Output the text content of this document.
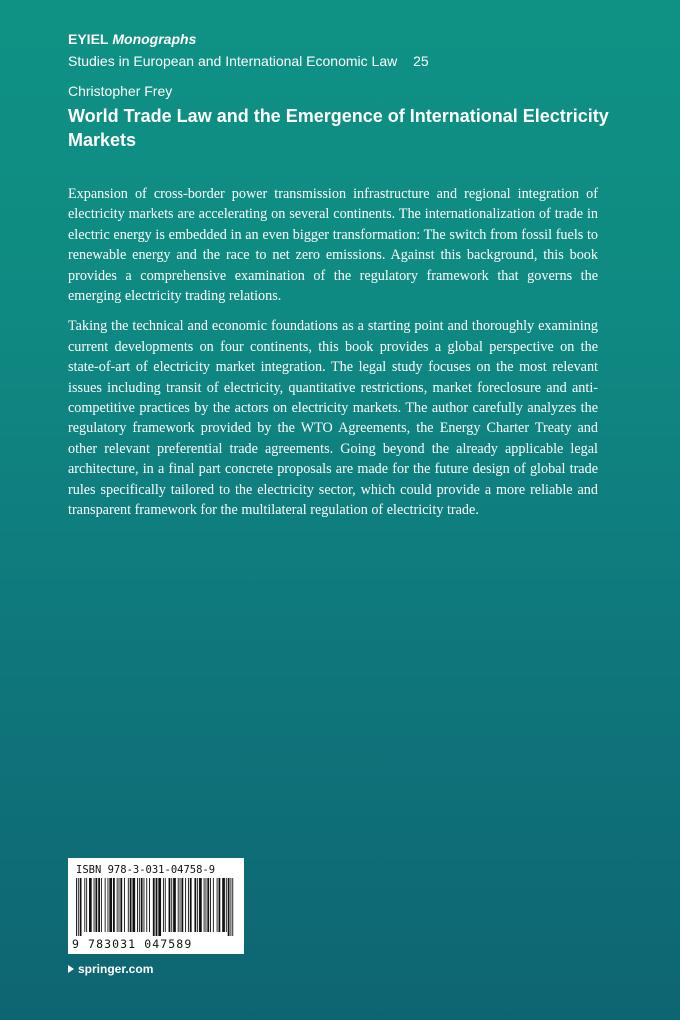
EYIEL Monographs
Studies in European and International Economic Law 25
Christopher Frey
World Trade Law and the Emergence of International Electricity Markets

Expansion of cross-border power transmission infrastructure and regional integration of electricity markets are accelerating on several continents. The internationalization of trade in electric energy is embedded in an even bigger transformation: The switch from fossil fuels to renewable energy and the race to net zero emissions. Against this background, this book provides a comprehensive examination of the regulatory framework that governs the emerging electricity trading relations.

Taking the technical and economic foundations as a starting point and thoroughly examining current developments on four continents, this book provides a global perspective on the state-of-art of electricity market integration. The legal study focuses on the most relevant issues including transit of electricity, quantitative restrictions, market foreclosure and anti-competitive practices by the actors on electricity markets. The author carefully analyzes the regulatory framework provided by the WTO Agreements, the Energy Charter Treaty and other relevant preferential trade agreements. Going beyond the already applicable legal architecture, in a final part concrete proposals are made for the future design of global trade rules specifically tailored to the electricity sector, which could provide a more reliable and transparent framework for the multilateral regulation of electricity trade.

ISBN 978-3-031-04758-9
9 783031 047589
springer.com
